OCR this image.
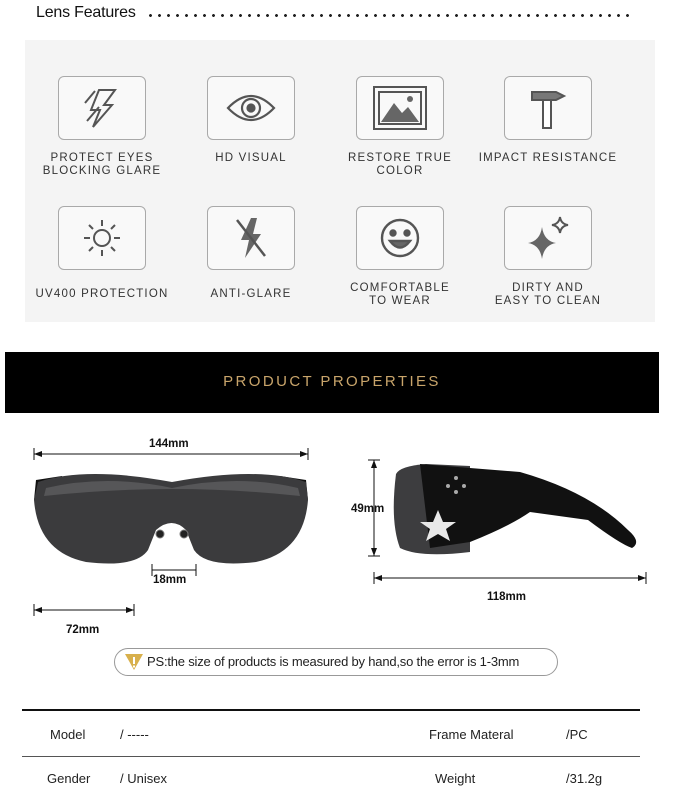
Lens Features
PROTECT EYES
BLOCKING GLARE
HD VISUAL	RESTORE TRUE COLOR
IMPACT RESISTANCE
UV400 PROTECTION	ANTI-GLARE	COMFORTABLE
TO WEAR
DIRTY AND
EASY TO CLEAN
PRODUCT PROPERTIES
144mm
18mm
72mm
49mm
118mm
PS:the size of products is measured by hand,so the error is 1-3mm
Model	/ -----	Frame Materal	/PC
Gender / Unisex	Weight	/31.2g
